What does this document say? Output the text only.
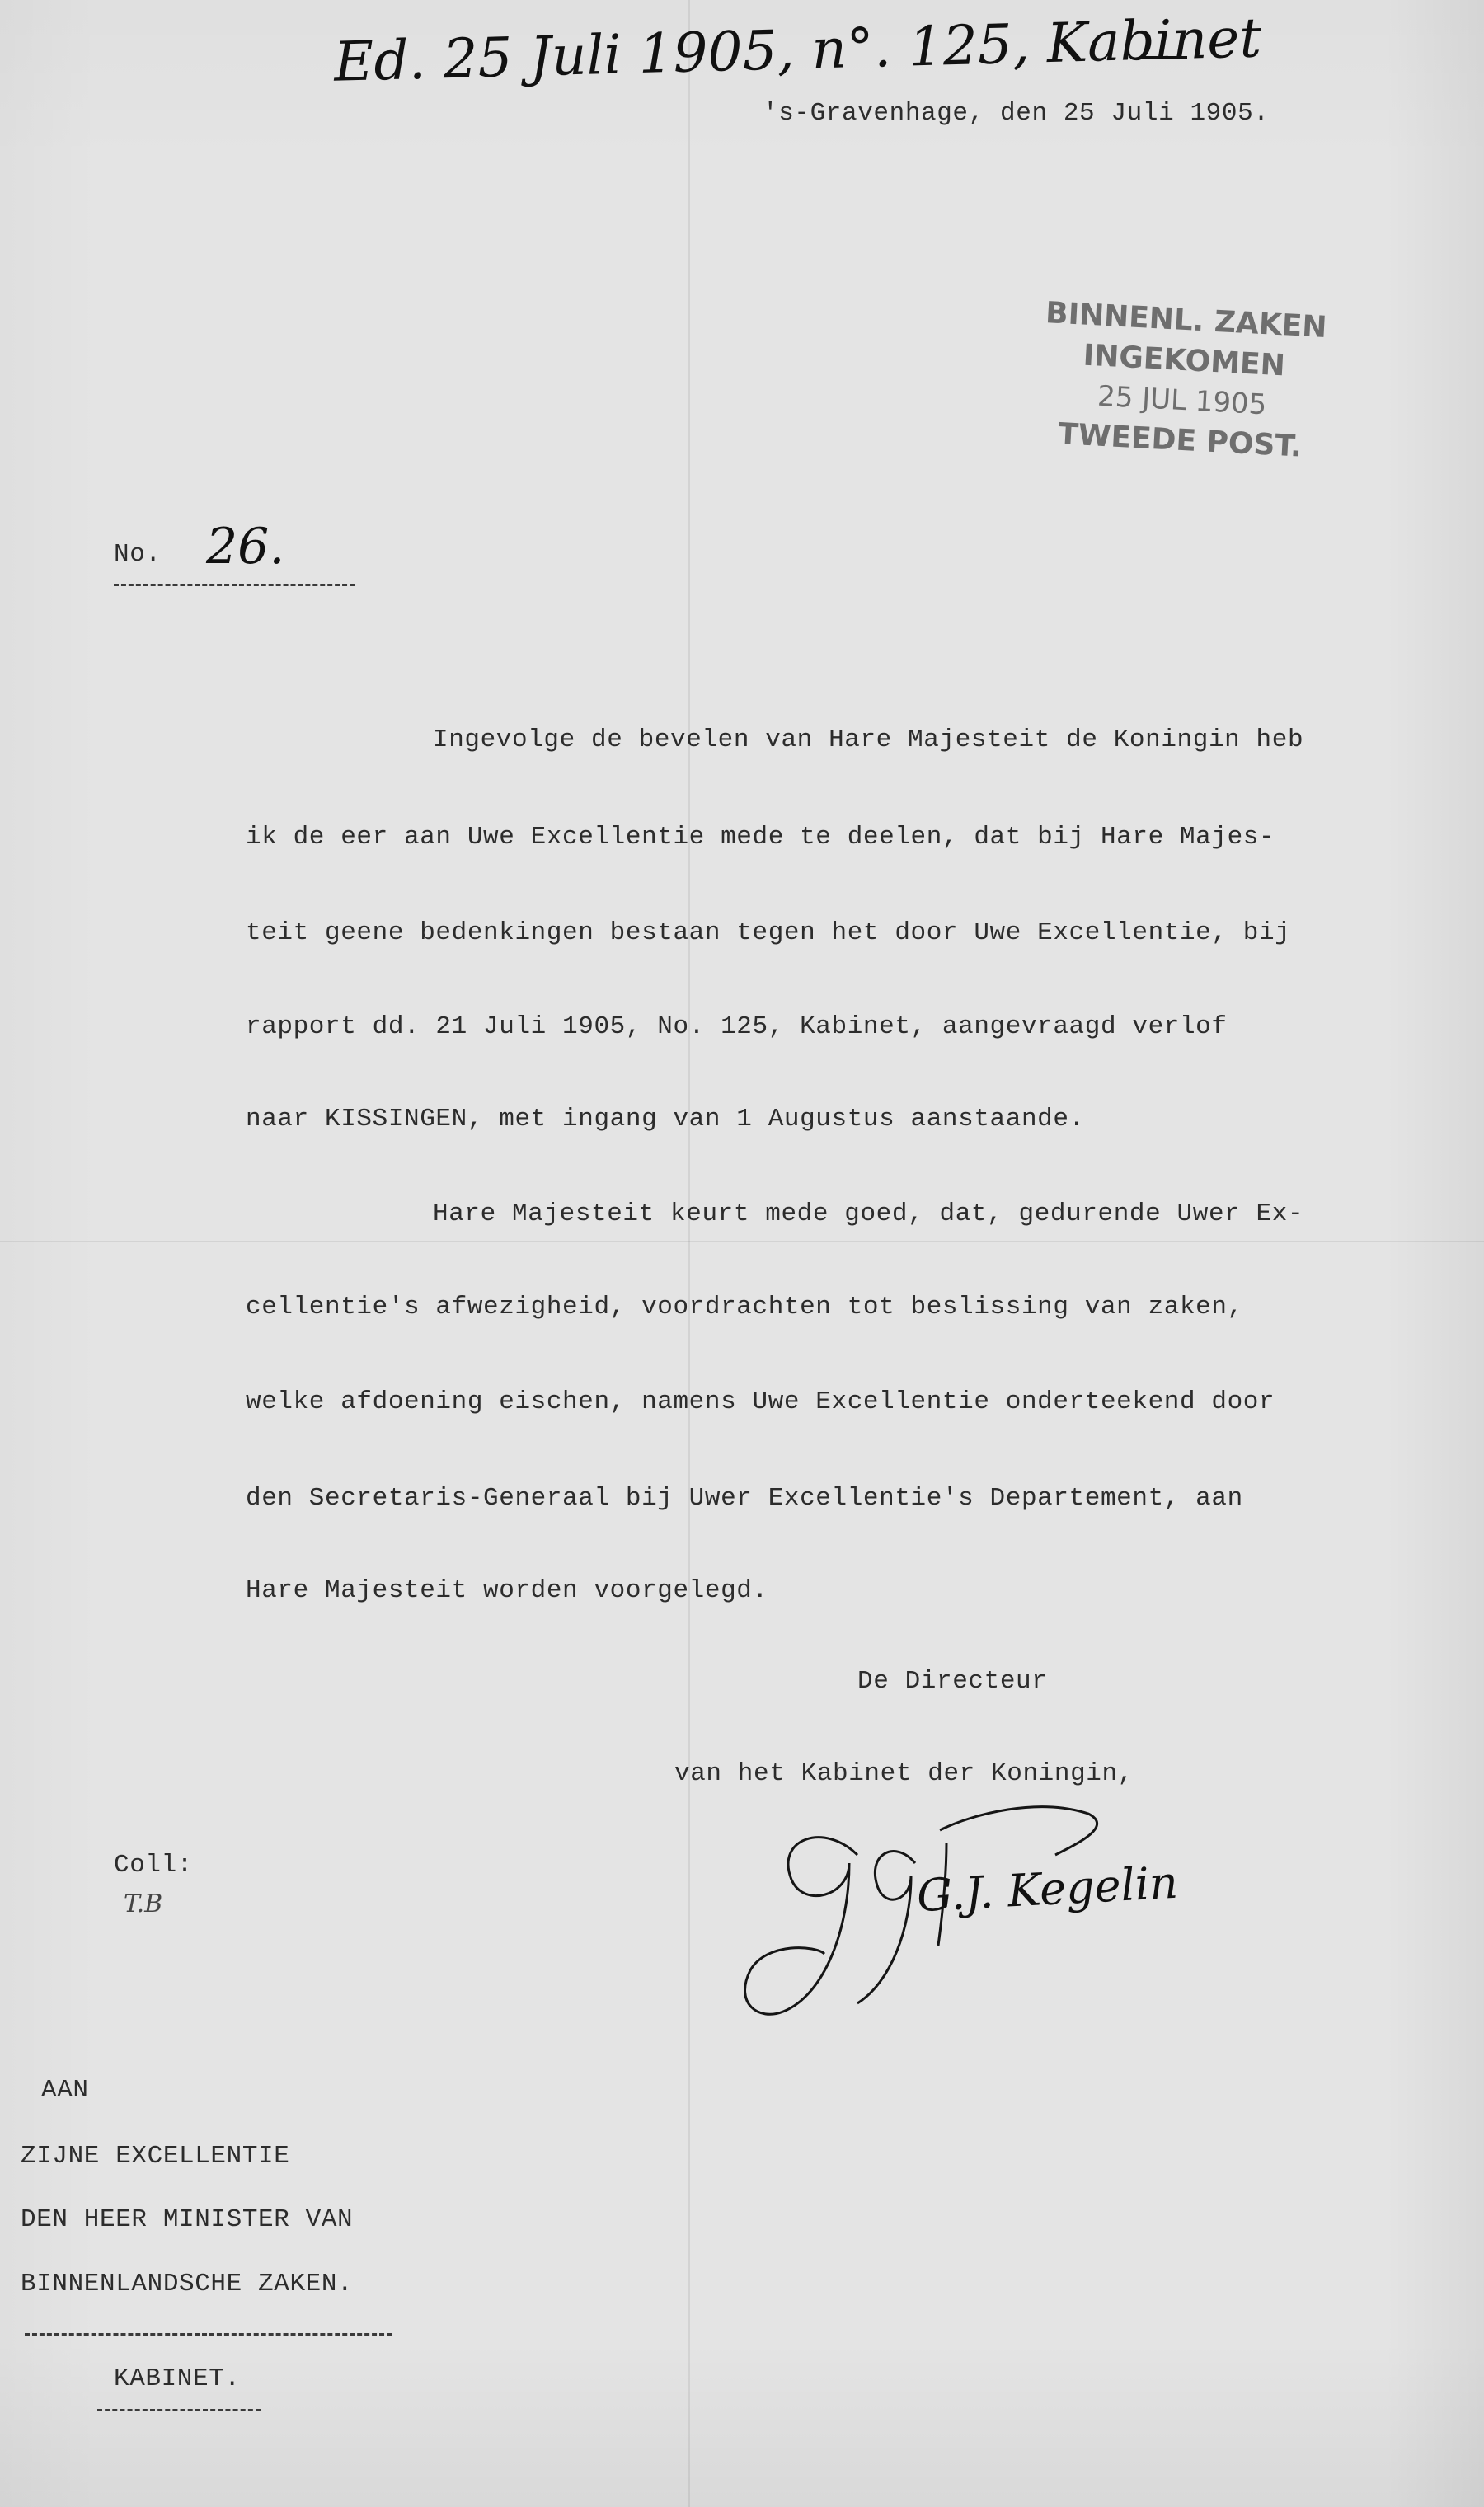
Ed. 25 Juli 1905, n°. 125, Kabinet
's-Gravenhage, den 25 Juli 1905.
BINNENL. ZAKEN
INGEKOMEN
25 JUL 1905
TWEEDE POST.
No. 26.
Ingevolge de bevelen van Hare Majesteit de Koningin heb
ik de eer aan Uwe Excellentie mede te deelen, dat bij Hare Majes-
teit geene bedenkingen bestaan tegen het door Uwe Excellentie, bij
rapport dd. 21 Juli 1905, No. 125, Kabinet, aangevraagd verlof
naar KISSINGEN, met ingang van 1 Augustus aanstaande.
Hare Majesteit keurt mede goed, dat, gedurende Uwer Ex-
cellentie's afwezigheid, voordrachten tot beslissing van zaken,
welke afdoening eischen, namens Uwe Excellentie onderteekend door
den Secretaris-Generaal bij Uwer Excellentie's Departement, aan
Hare Majesteit worden voorgelegd.
De Directeur
van het Kabinet der Koningin,
G.J. Kegelin
Coll:
T.B
AAN
ZIJNE EXCELLENTIE
DEN HEER MINISTER VAN
BINNENLANDSCHE ZAKEN.
KABINET.
